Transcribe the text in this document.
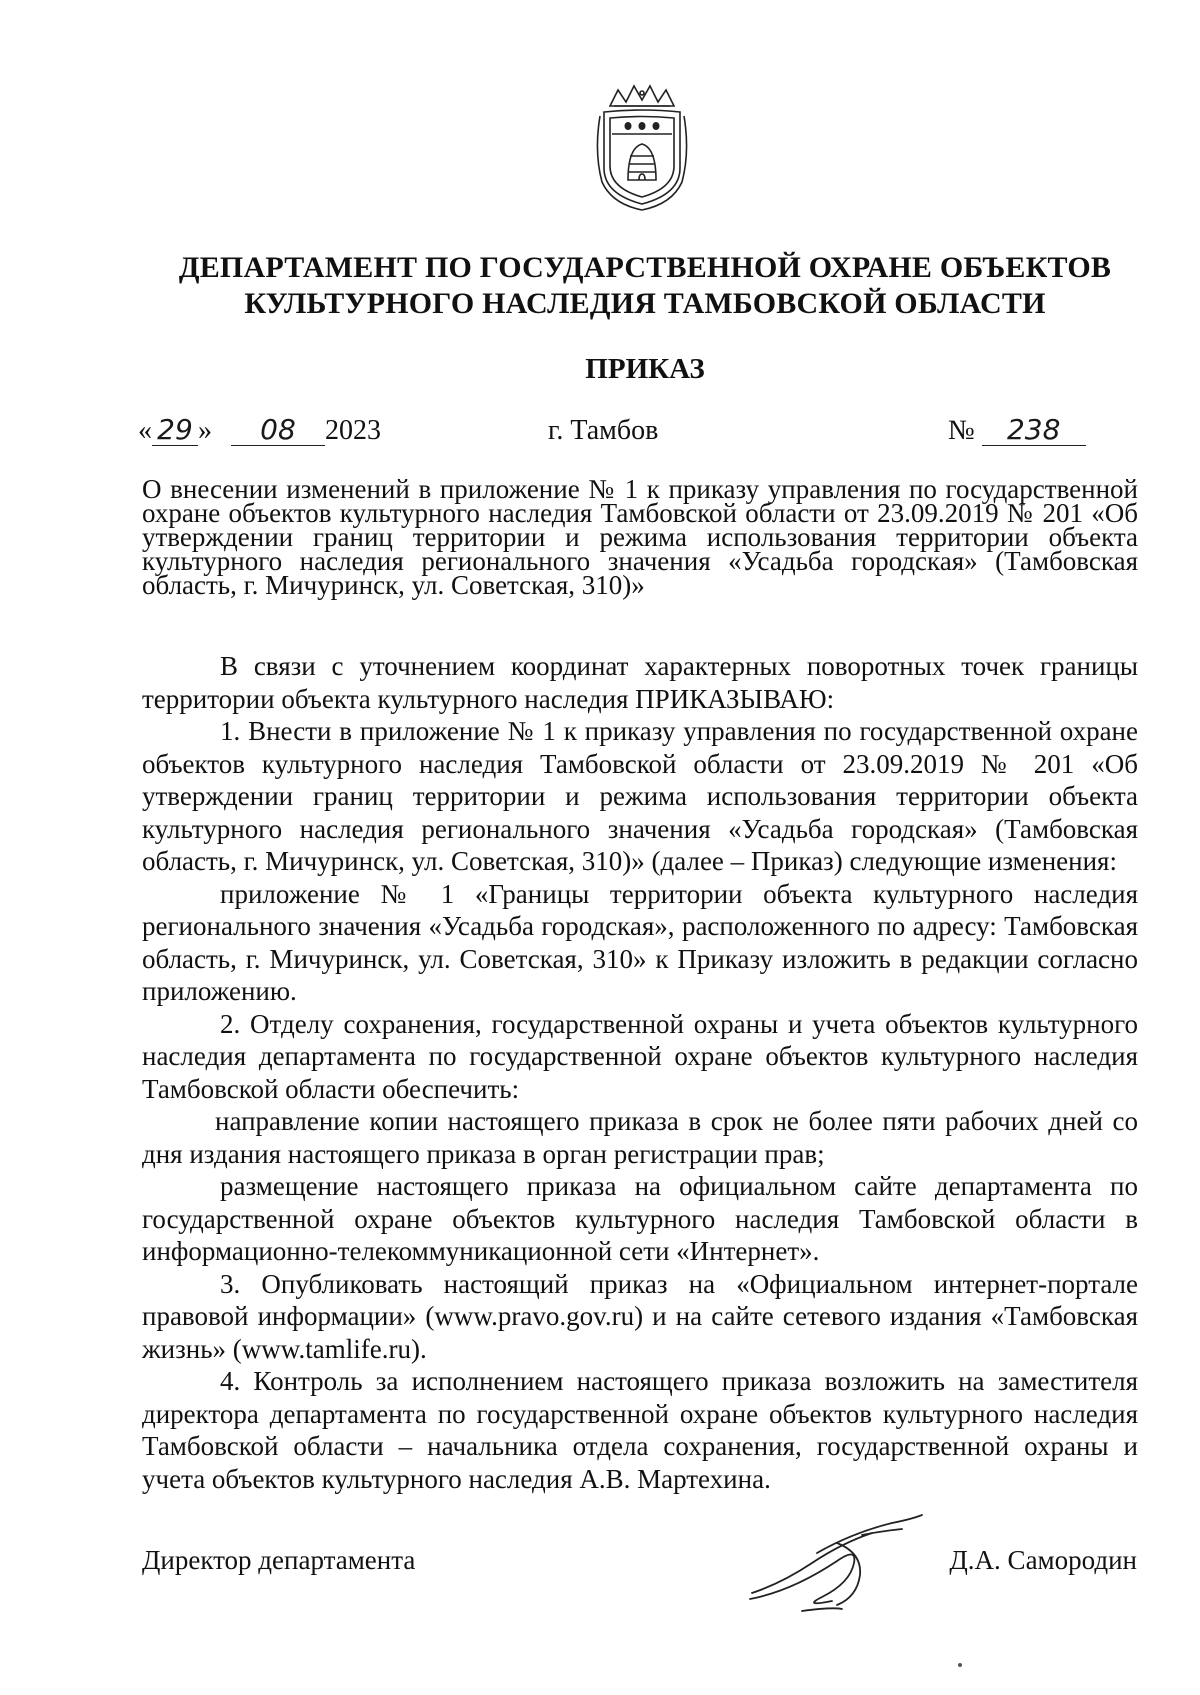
ДЕПАРТАМЕНТ ПО ГОСУДАРСТВЕННОЙ ОХРАНЕ ОБЪЕКТОВ
КУЛЬТУРНОГО НАСЛЕДИЯ ТАМБОВСКОЙ ОБЛАСТИ
ПРИКАЗ
« 29 » 08 2023	г. Тамбов	№ 238
О внесении изменений в приложение № 1 к приказу управления по государственной охране объектов культурного наследия Тамбовской области от 23.09.2019 № 201 «Об утверждении границ территории и режима использования территории объекта культурного наследия регионального значения «Усадьба городская» (Тамбовская область, г. Мичуринск, ул. Советская, 310)»

В связи с уточнением координат характерных поворотных точек границы территории объекта культурного наследия ПРИКАЗЫВАЮ:

1. Внести в приложение № 1 к приказу управления по государственной охране объектов культурного наследия Тамбовской области от 23.09.2019 № 201 «Об утверждении границ территории и режима использования территории объекта культурного наследия регионального значения «Усадьба городская» (Тамбовская область, г. Мичуринск, ул. Советская, 310)» (далее – Приказ) следующие изменения:

приложение № 1 «Границы территории объекта культурного наследия регионального значения «Усадьба городская», расположенного по адресу: Тамбовская область, г. Мичуринск, ул. Советская, 310» к Приказу изложить в редакции согласно приложению.

2. Отделу сохранения, государственной охраны и учета объектов культурного наследия департамента по государственной охране объектов культурного наследия Тамбовской области обеспечить:

направление копии настоящего приказа в срок не более пяти рабочих дней со дня издания настоящего приказа в орган регистрации прав;

размещение настоящего приказа на официальном сайте департамента по государственной охране объектов культурного наследия Тамбовской области в информационно-телекоммуникационной сети «Интернет».

3. Опубликовать настоящий приказ на «Официальном интернет-портале правовой информации» (www.pravo.gov.ru) и на сайте сетевого издания «Тамбовская жизнь» (www.tamlife.ru).

4. Контроль за исполнением настоящего приказа возложить на заместителя директора департамента по государственной охране объектов культурного наследия Тамбовской области – начальника отдела сохранения, государственной охраны и учета объектов культурного наследия А.В. Мартехина.

Директор департамента	Д.А. Самородин
